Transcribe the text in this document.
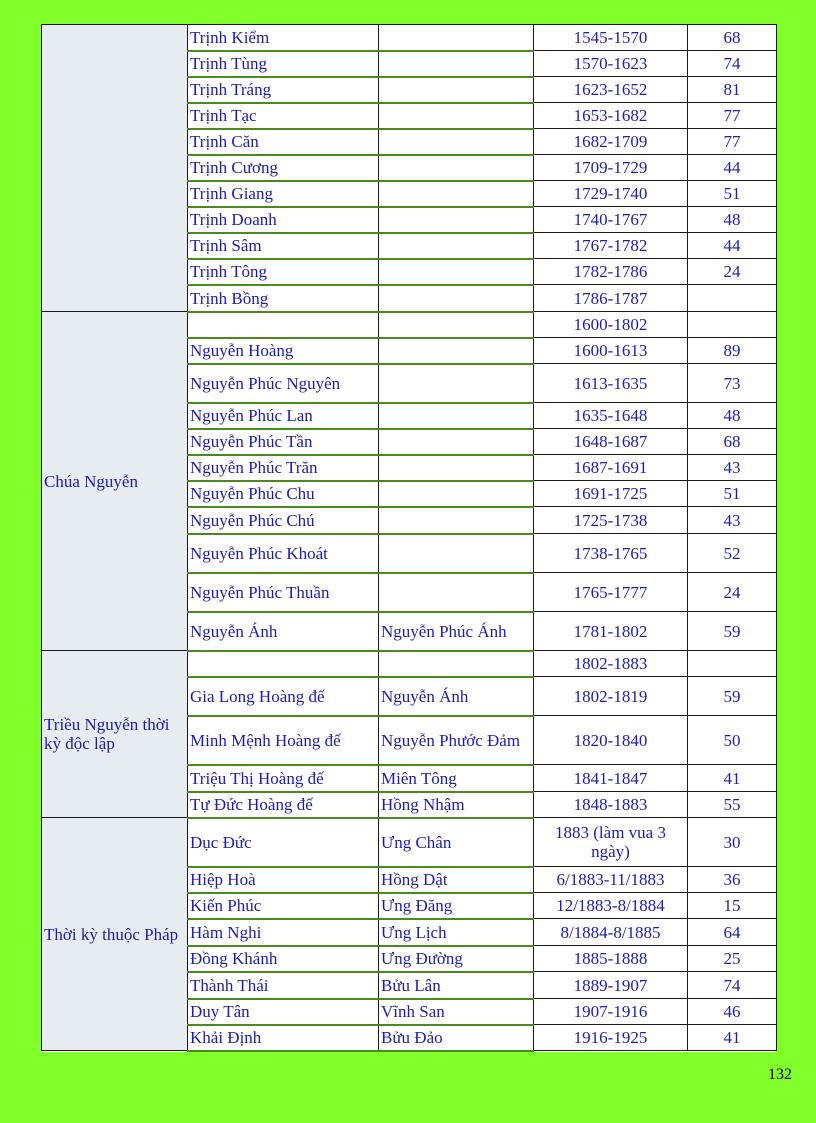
	Trịnh Kiểm		1545-1570	68
	Trịnh Tùng		1570-1623	74
	Trịnh Tráng		1623-1652	81
	Trịnh Tạc		1653-1682	77
	Trịnh Căn		1682-1709	77
	Trịnh Cương		1709-1729	44
	Trịnh Giang		1729-1740	51
	Trịnh Doanh		1740-1767	48
	Trịnh Sâm		1767-1782	44
	Trịnh Tông		1782-1786	24
	Trịnh Bồng		1786-1787	
Chúa Nguyễn			1600-1802	
	Nguyễn Hoàng		1600-1613	89
	Nguyễn Phúc Nguyên		1613-1635	73
	Nguyễn Phúc Lan		1635-1648	48
	Nguyễn Phúc Tần		1648-1687	68
	Nguyễn Phúc Trăn		1687-1691	43
	Nguyễn Phúc Chu		1691-1725	51
	Nguyễn Phúc Chú		1725-1738	43
	Nguyễn Phúc Khoát		1738-1765	52
	Nguyễn Phúc Thuần		1765-1777	24
	Nguyễn Ánh	Nguyễn Phúc Ánh	1781-1802	59
Triều Nguyễn thời kỳ độc lập			1802-1883	
	Gia Long Hoàng đế	Nguyễn Ánh	1802-1819	59
	Minh Mệnh Hoàng đế	Nguyễn Phước Đảm	1820-1840	50
	Triệu Thị Hoàng đế	Miên Tông	1841-1847	41
	Tự Đức Hoàng đế	Hồng Nhậm	1848-1883	55
Thời kỳ thuộc Pháp	Dục Đức	Ưng Chân	1883 (làm vua 3 ngày)	30
	Hiệp Hoà	Hồng Dật	6/1883-11/1883	36
	Kiến Phúc	Ưng Đăng	12/1883-8/1884	15
	Hàm Nghi	Ưng Lịch	8/1884-8/1885	64
	Đồng Khánh	Ưng Đường	1885-1888	25
	Thành Thái	Bửu Lân	1889-1907	74
	Duy Tân	Vĩnh San	1907-1916	46
	Khải Định	Bửu Đảo	1916-1925	41
132
